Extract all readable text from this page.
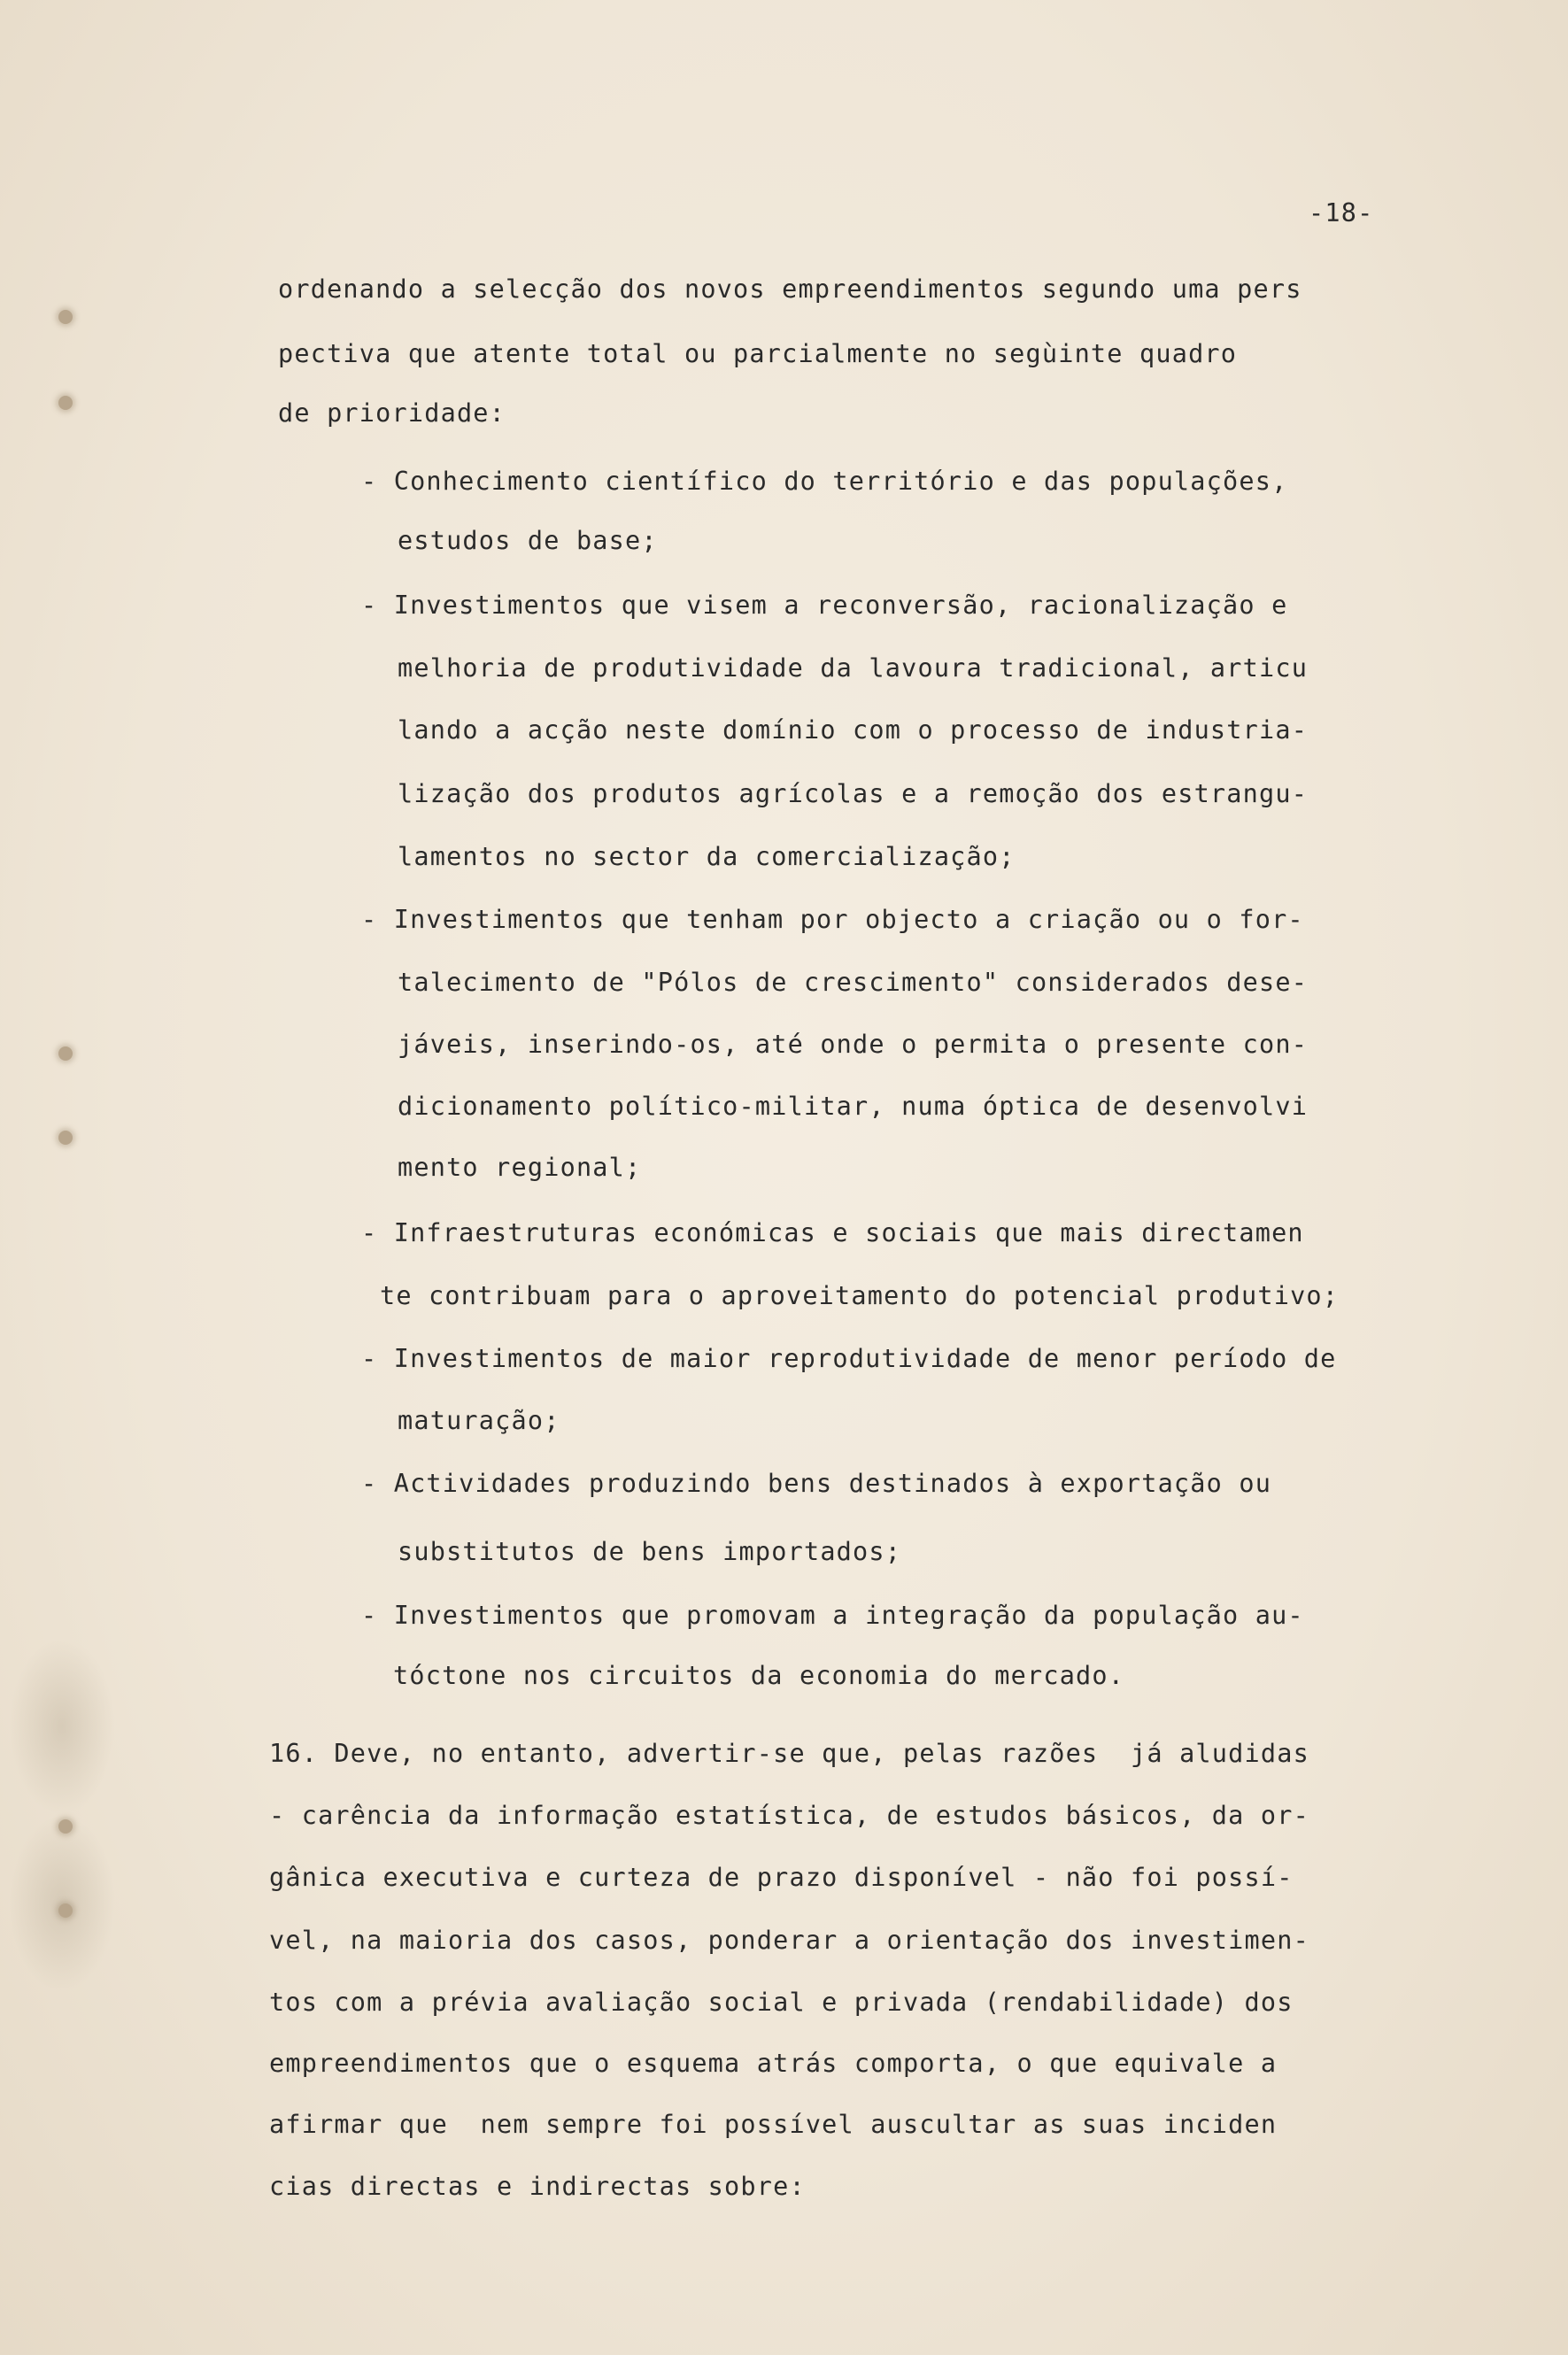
-18-
ordenando a selecção dos novos empreendimentos segundo uma pers
pectiva que atente total ou parcialmente no segùinte quadro
de prioridade:
- Conhecimento científico do território e das populações,
estudos de base;
- Investimentos que visem a reconversão, racionalização e
melhoria de produtividade da lavoura tradicional, articu
lando a acção neste domínio com o processo de industria-
lização dos produtos agrícolas e a remoção dos estrangu-
lamentos no sector da comercialização;
- Investimentos que tenham por objecto a criação ou o for-
talecimento de "Pólos de crescimento" considerados dese-
jáveis, inserindo-os, até onde o permita o presente con-
dicionamento político-militar, numa óptica de desenvolvi
mento regional;
- Infraestruturas económicas e sociais que mais directamen
te contribuam para o aproveitamento do potencial produtivo;
- Investimentos de maior reprodutividade de menor período de
maturação;
- Actividades produzindo bens destinados à exportação ou
substitutos de bens importados;
- Investimentos que promovam a integração da população au-
tóctone nos circuitos da economia do mercado.
16. Deve, no entanto, advertir-se que, pelas razões  já aludidas
- carência da informação estatística, de estudos básicos, da or-
gânica executiva e curteza de prazo disponível - não foi possí-
vel, na maioria dos casos, ponderar a orientação dos investimen-
tos com a prévia avaliação social e privada (rendabilidade) dos
empreendimentos que o esquema atrás comporta, o que equivale a
afirmar que  nem sempre foi possível auscultar as suas inciden
cias directas e indirectas sobre:
